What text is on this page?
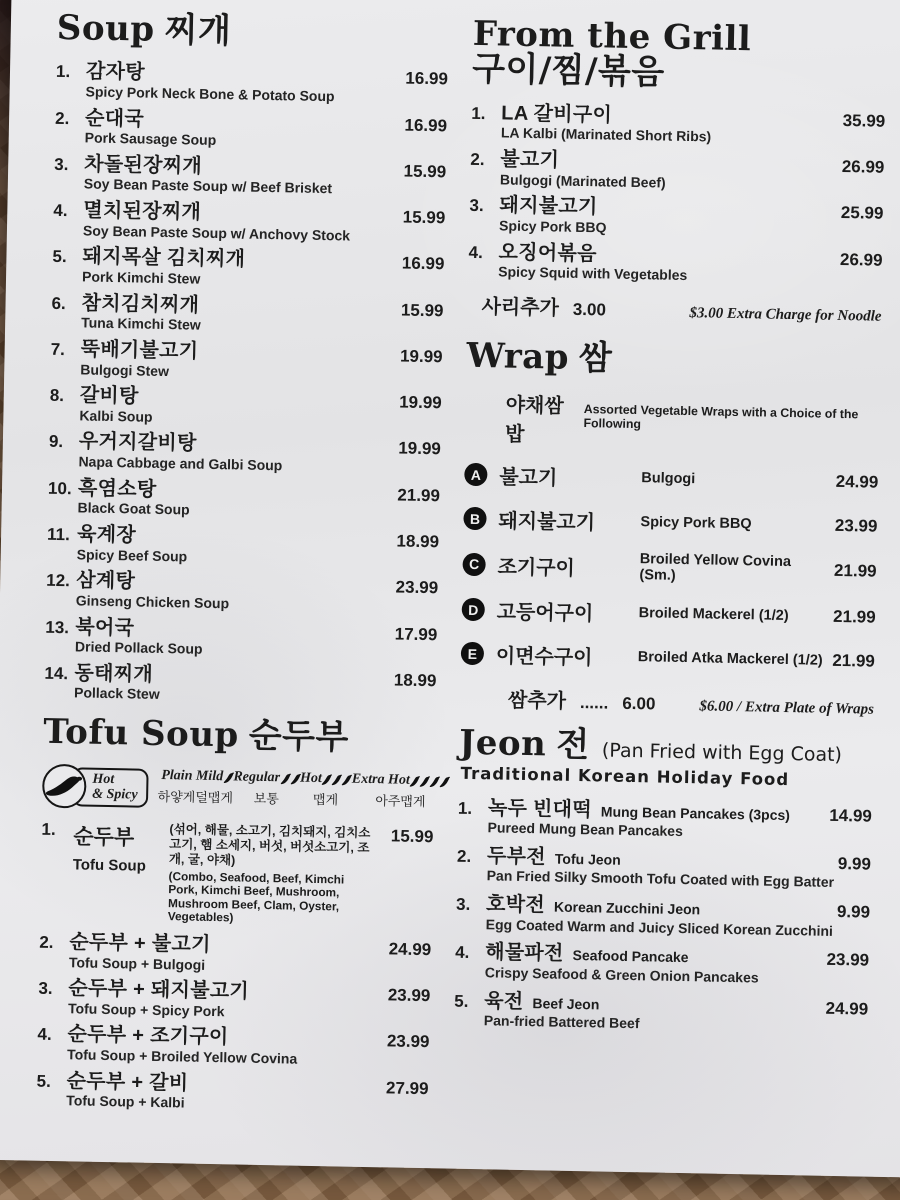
Soup 찌개
1. 감자탕	16.99
Spicy Pork Neck Bone & Potato Soup
2. 순대국	16.99
Pork Sausage Soup
3. 차돌된장찌개	15.99
Soy Bean Paste Soup w/ Beef Brisket
4. 멸치된장찌개	15.99
Soy Bean Paste Soup w/ Anchovy Stock
5. 돼지목살 김치찌개	16.99
Pork Kimchi Stew
6. 참치김치찌개	15.99
Tuna Kimchi Stew
7. 뚝배기불고기	19.99
Bulgogi Stew
8. 갈비탕	19.99
Kalbi Soup
9. 우거지갈비탕	19.99
Napa Cabbage and Galbi Soup
10. 흑염소탕	21.99
Black Goat Soup
11. 육계장	18.99
Spicy Beef Soup
12. 삼계탕	23.99
Ginseng Chicken Soup
13. 북어국	17.99
Dried Pollack Soup
14. 동태찌개	18.99
Pollack Stew
Tofu Soup 순두부
Hot
& Spicy
Plain
하얗게
Mild
덜맵게
Regular
보통
Hot
맵게
Extra Hot
아주맵게
1. 순두부
Tofu Soup
(섞어, 해물, 소고기, 김치돼지, 김치소고기, 햄 소세지, 버섯, 버섯소고기, 조개, 굴, 야채)
(Combo, Seafood, Beef, Kimchi Pork, Kimchi Beef, Mushroom, Mushroom Beef, Clam, Oyster, Vegetables)
15.99
2. 순두부 + 불고기	24.99
Tofu Soup + Bulgogi
3. 순두부 + 돼지불고기	23.99
Tofu Soup + Spicy Pork
4. 순두부 + 조기구이	23.99
Tofu Soup + Broiled Yellow Covina
5. 순두부 + 갈비	27.99
Tofu Soup + Kalbi
From the Grill
구이/찜/볶음
1. LA 갈비구이	35.99
LA Kalbi (Marinated Short Ribs)
2. 불고기	26.99
Bulgogi (Marinated Beef)
3. 돼지불고기	25.99
Spicy Pork BBQ
4. 오징어볶음	26.99
Spicy Squid with Vegetables
사리추가 3.00	$3.00 Extra Charge for Noodle
Wrap 쌈
야채쌈밥
Assorted Vegetable Wraps with a Choice of the Following
A 불고기	Bulgogi	24.99
B 돼지불고기	Spicy Pork BBQ	23.99
C 조기구이	Broiled Yellow Covina (Sm.)	21.99
D 고등어구이	Broiled Mackerel (1/2)	21.99
E 이면수구이	Broiled Atka Mackerel (1/2) 21.99
쌈추가 ...... 6.00	$6.00 / Extra Plate of Wraps
Jeon 전 (Pan Fried with Egg Coat)
Traditional Korean Holiday Food
1. 녹두 빈대떡 Mung Bean Pancakes (3pcs)	14.99
Pureed Mung Bean Pancakes
2. 두부전 Tofu Jeon	9.99
Pan Fried Silky Smooth Tofu Coated with Egg Batter
3. 호박전 Korean Zucchini Jeon	9.99
Egg Coated Warm and Juicy Sliced Korean Zucchini
4. 해물파전 Seafood Pancake	23.99
Crispy Seafood & Green Onion Pancakes
5. 육전 Beef Jeon	24.99
Pan-fried Battered Beef
